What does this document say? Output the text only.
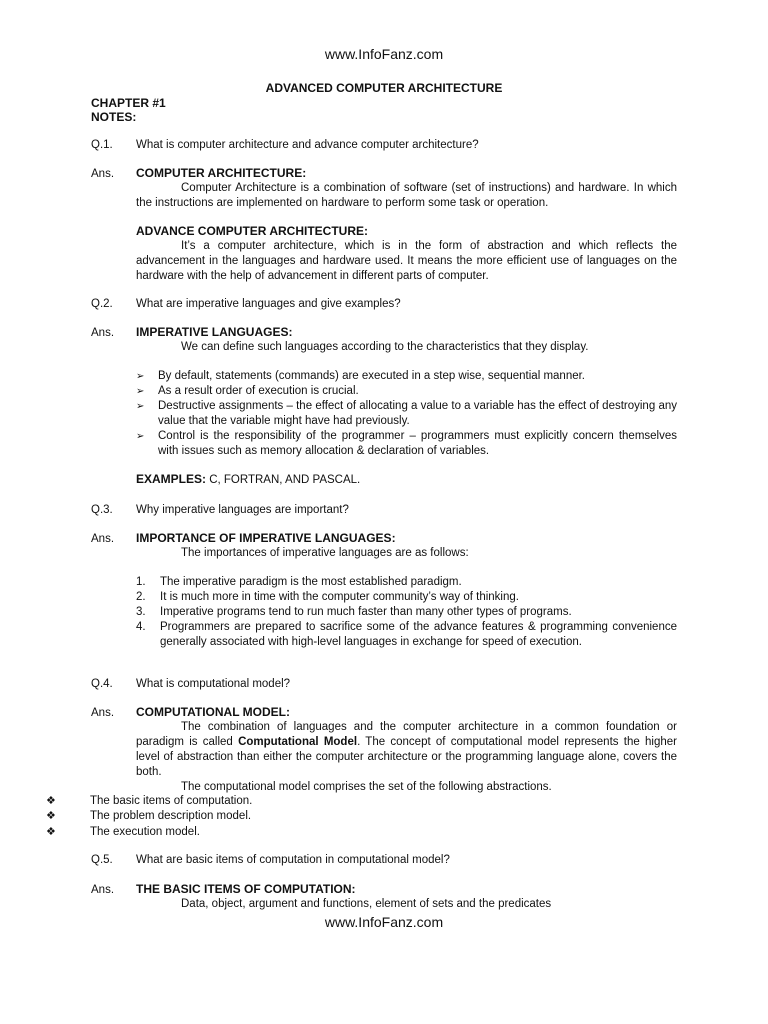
www.InfoFanz.com
ADVANCED COMPUTER ARCHITECTURE
CHAPTER #1
NOTES:
Q.1. What is computer architecture and advance computer architecture?
Ans. COMPUTER ARCHITECTURE:
Computer Architecture is a combination of software (set of instructions) and hardware. In which the instructions are implemented on hardware to perform some task or operation.
ADVANCE COMPUTER ARCHITECTURE:
It’s a computer architecture, which is in the form of abstraction and which reflects the advancement in the languages and hardware used. It means the more efficient use of languages on the hardware with the help of advancement in different parts of computer.
Q.2. What are imperative languages and give examples?
Ans. IMPERATIVE LANGUAGES:
We can define such languages according to the characteristics that they display.
➢ By default, statements (commands) are executed in a step wise, sequential manner.
➢ As a result order of execution is crucial.
➢ Destructive assignments – the effect of allocating a value to a variable has the effect of destroying any value that the variable might have had previously.
➢ Control is the responsibility of the programmer – programmers must explicitly concern themselves with issues such as memory allocation & declaration of variables.
EXAMPLES: C, FORTRAN, AND PASCAL.
Q.3. Why imperative languages are important?
Ans. IMPORTANCE OF IMPERATIVE LANGUAGES:
The importances of imperative languages are as follows:
1. The imperative paradigm is the most established paradigm.
2. It is much more in time with the computer community’s way of thinking.
3. Imperative programs tend to run much faster than many other types of programs.
4. Programmers are prepared to sacrifice some of the advance features & programming convenience generally associated with high-level languages in exchange for speed of execution.
Q.4. What is computational model?
Ans. COMPUTATIONAL MODEL:
The combination of languages and the computer architecture in a common foundation or paradigm is called Computational Model. The concept of computational model represents the higher level of abstraction than either the computer architecture or the programming language alone, covers the both.
The computational model comprises the set of the following abstractions.
❖	The basic items of computation.
❖	The problem description model.
❖	The execution model.
Q.5. What are basic items of computation in computational model?
Ans. THE BASIC ITEMS OF COMPUTATION:
Data, object, argument and functions, element of sets and the predicates
www.InfoFanz.com
